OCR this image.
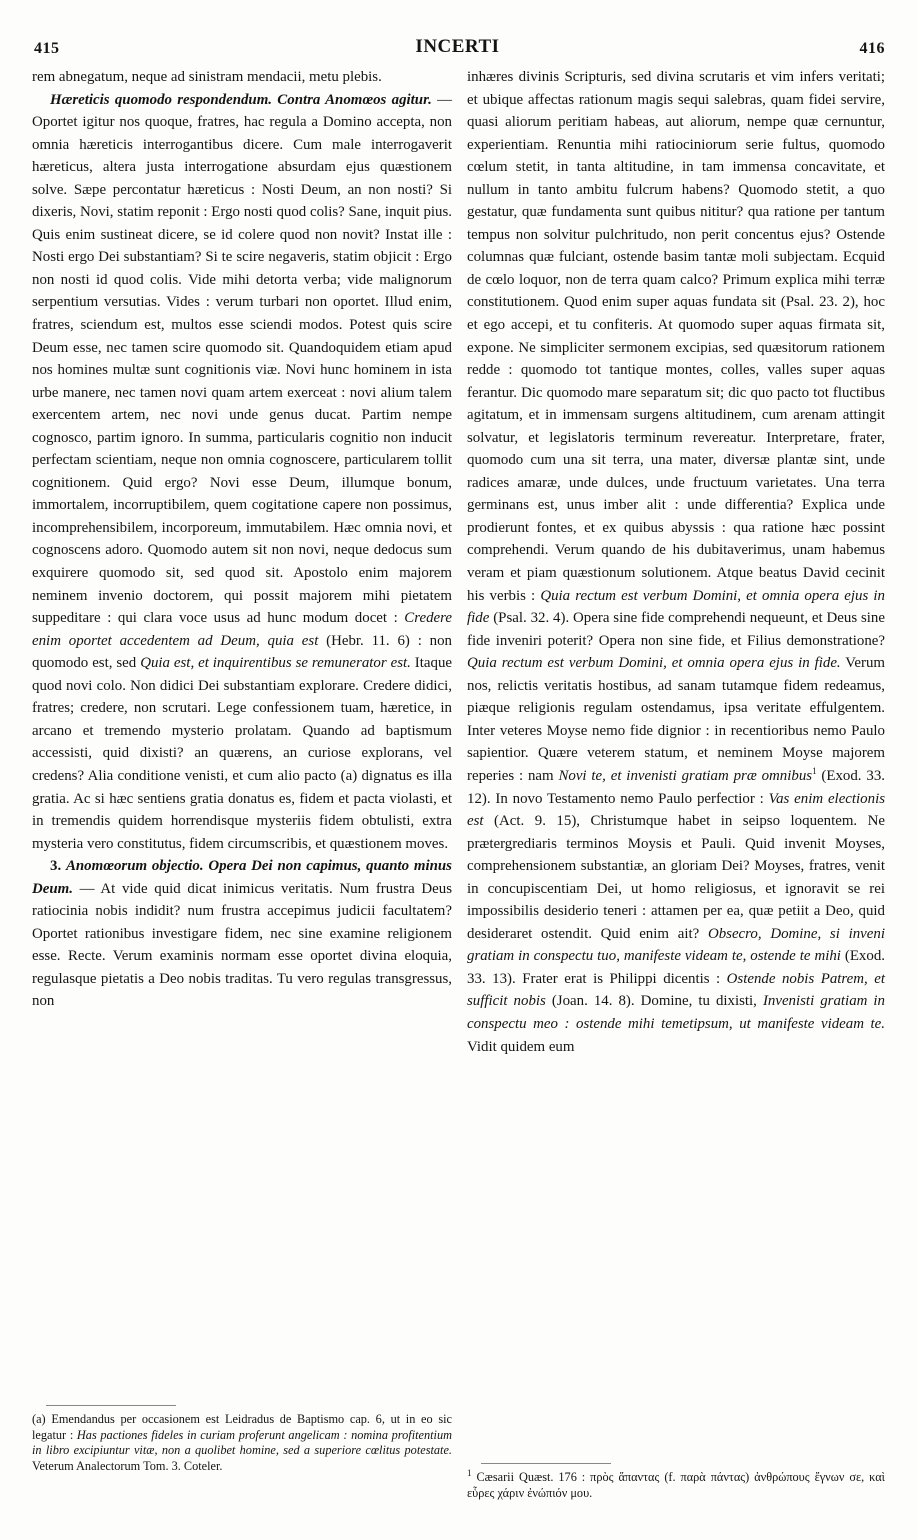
415	INCERTI	416

rem abnegatum, neque ad sinistram mendacii, metu plebis.

Hæreticis quomodo respondendum. Contra Anomœos agitur. — Oportet igitur nos quoque, fratres, hac regula a Domino accepta, non omnia hæreticis interrogantibus dicere. Cum male interrogaverit hæreticus, altera justa interrogatione absurdam ejus quæstionem solve. Sæpe percontatur hæreticus : Nosti Deum, an non nosti? Si dixeris, Novi, statim reponit : Ergo nosti quod colis? Sane, inquit pius. Quis enim sustineat dicere, se id colere quod non novit? Instat ille : Nosti ergo Dei substantiam? Si te scire negaveris, statim objicit : Ergo non nosti id quod colis. Vide mihi detorta verba; vide malignorum serpentium versutias. Vides : verum turbari non oportet. Illud enim, fratres, sciendum est, multos esse sciendi modos. Potest quis scire Deum esse, nec tamen scire quomodo sit. Quandoquidem etiam apud nos homines multæ sunt cognitionis viæ. Novi hunc hominem in ista urbe manere, nec tamen novi quam artem exerceat : novi alium talem exercentem artem, nec novi unde genus ducat. Partim nempe cognosco, partim ignoro. In summa, particularis cognitio non inducit perfectam scientiam, neque non omnia cognoscere, particularem tollit cognitionem. Quid ergo? Novi esse Deum, illumque bonum, immortalem, incorruptibilem, quem cogitatione capere non possimus, incomprehensibilem, incorporeum, immutabilem. Hæc omnia novi, et cognoscens adoro. Quomodo autem sit non novi, neque dedocus sum exquirere quomodo sit, sed quod sit. Apostolo enim majorem neminem invenio doctorem, qui possit majorem mihi pietatem suppeditare : qui clara voce usus ad hunc modum docet : Credere enim oportet accedentem ad Deum, quia est (Hebr. 11. 6) : non quomodo est, sed Quia est, et inquirentibus se remunerator est. Itaque quod novi colo. Non didici Dei substantiam explorare. Credere didici, fratres; credere, non scrutari. Lege confessionem tuam, hæretice, in arcano et tremendo mysterio prolatam. Quando ad baptismum accessisti, quid dixisti? an quærens, an curiose explorans, vel credens? Alia conditione venisti, et cum alio pacto (a) dignatus es illa gratia. Ac si hæc sentiens gratia donatus es, fidem et pacta violasti, et in tremendis quidem horrendisque mysteriis fidem obtulisti, extra mysteria vero constitutus, fidem circumscribis, et quæstionem moves.

3. Anomœorum objectio. Opera Dei non capimus, quanto minus Deum. — At vide quid dicat inimicus veritatis. Num frustra Deus ratiocinia nobis indidit? num frustra accepimus judicii facultatem? Oportet rationibus investigare fidem, nec sine examine religionem esse. Recte. Verum examinis normam esse oportet divina eloquia, regulasque pietatis a Deo nobis traditas. Tu vero regulas transgressus, non

inhæres divinis Scripturis, sed divina scrutaris et vim infers veritati; et ubique affectas rationum magis sequi salebras, quam fidei servire, quasi aliorum peritiam habeas, aut aliorum, nempe quæ cernuntur, experientiam. Renuntia mihi ratiociniorum serie fultus, quomodo cœlum stetit, in tanta altitudine, in tam immensa concavitate, et nullum in tanto ambitu fulcrum habens? Quomodo stetit, a quo gestatur, quæ fundamenta sunt quibus nititur? qua ratione per tantum tempus non solvitur pulchritudo, non perit concentus ejus? Ostende columnas quæ fulciant, ostende basim tantæ moli subjectam. Ecquid de cœlo loquor, non de terra quam calco? Primum explica mihi terræ constitutionem. Quod enim super aquas fundata sit (Psal. 23. 2), hoc et ego accepi, et tu confiteris. At quomodo super aquas firmata sit, expone. Ne simpliciter sermonem excipias, sed quæsitorum rationem redde : quomodo tot tantique montes, colles, valles super aquas ferantur. Dic quomodo mare separatum sit; dic quo pacto tot fluctibus agitatum, et in immensam surgens altitudinem, cum arenam attingit solvatur, et legislatoris terminum revereatur. Interpretare, frater, quomodo cum una sit terra, una mater, diversæ plantæ sint, unde radices amaræ, unde dulces, unde fructuum varietates. Una terra germinans est, unus imber alit : unde differentia? Explica unde prodierunt fontes, et ex quibus abyssis : qua ratione hæc possint comprehendi. Verum quando de his dubitaverimus, unam habemus veram et piam quæstionum solutionem. Atque beatus David cecinit his verbis : Quia rectum est verbum Domini, et omnia opera ejus in fide (Psal. 32. 4). Opera sine fide comprehendi nequeunt, et Deus sine fide inveniri poterit? Opera non sine fide, et Filius demonstratione? Quia rectum est verbum Domini, et omnia opera ejus in fide. Verum nos, relictis veritatis hostibus, ad sanam tutamque fidem redeamus, piæque religionis regulam ostendamus, ipsa veritate effulgentem. Inter veteres Moyse nemo fide dignior : in recentioribus nemo Paulo sapientior. Quære veterem statum, et neminem Moyse majorem reperies : nam Novi te, et invenisti gratiam præ omnibus$^1$ (Exod. 33. 12). In novo Testamento nemo Paulo perfectior : Vas enim electionis est (Act. 9. 15), Christumque habet in seipso loquentem. Ne prætergrediaris terminos Moysis et Pauli. Quid invenit Moyses, comprehensionem substantiæ, an gloriam Dei? Moyses, fratres, venit in concupiscentiam Dei, ut homo religiosus, et ignoravit se rei impossibilis desiderio teneri : attamen per ea, quæ petiit a Deo, quid desideraret ostendit. Quid enim ait? Obsecro, Domine, si inveni gratiam in conspectu tuo, manifeste videam te, ostende te mihi (Exod. 33. 13). Frater erat is Philippi dicentis : Ostende nobis Patrem, et sufficit nobis (Joan. 14. 8). Domine, tu dixisti, Invenisti gratiam in conspectu meo : ostende mihi temetipsum, ut manifeste videam te. Vidit quidem eum

(a) Emendandus per occasionem est Leidradus de Baptismo cap. 6, ut in eo sic legatur : Has pactiones fideles in curiam proferunt angelicam : nomina profitentium in libro excipiuntur vitæ, non a quolibet homine, sed a superiore cœlitus potestate. Veterum Analectorum Tom. 3. Coteler.
$^1$ Cæsarii Quæst. 176 : πρὸς ἅπαντας (f. παρὰ πάντας) ἀνθρώπους ἔγνων σε, καὶ εὗρες χάριν ἐνώπιόν μου.
